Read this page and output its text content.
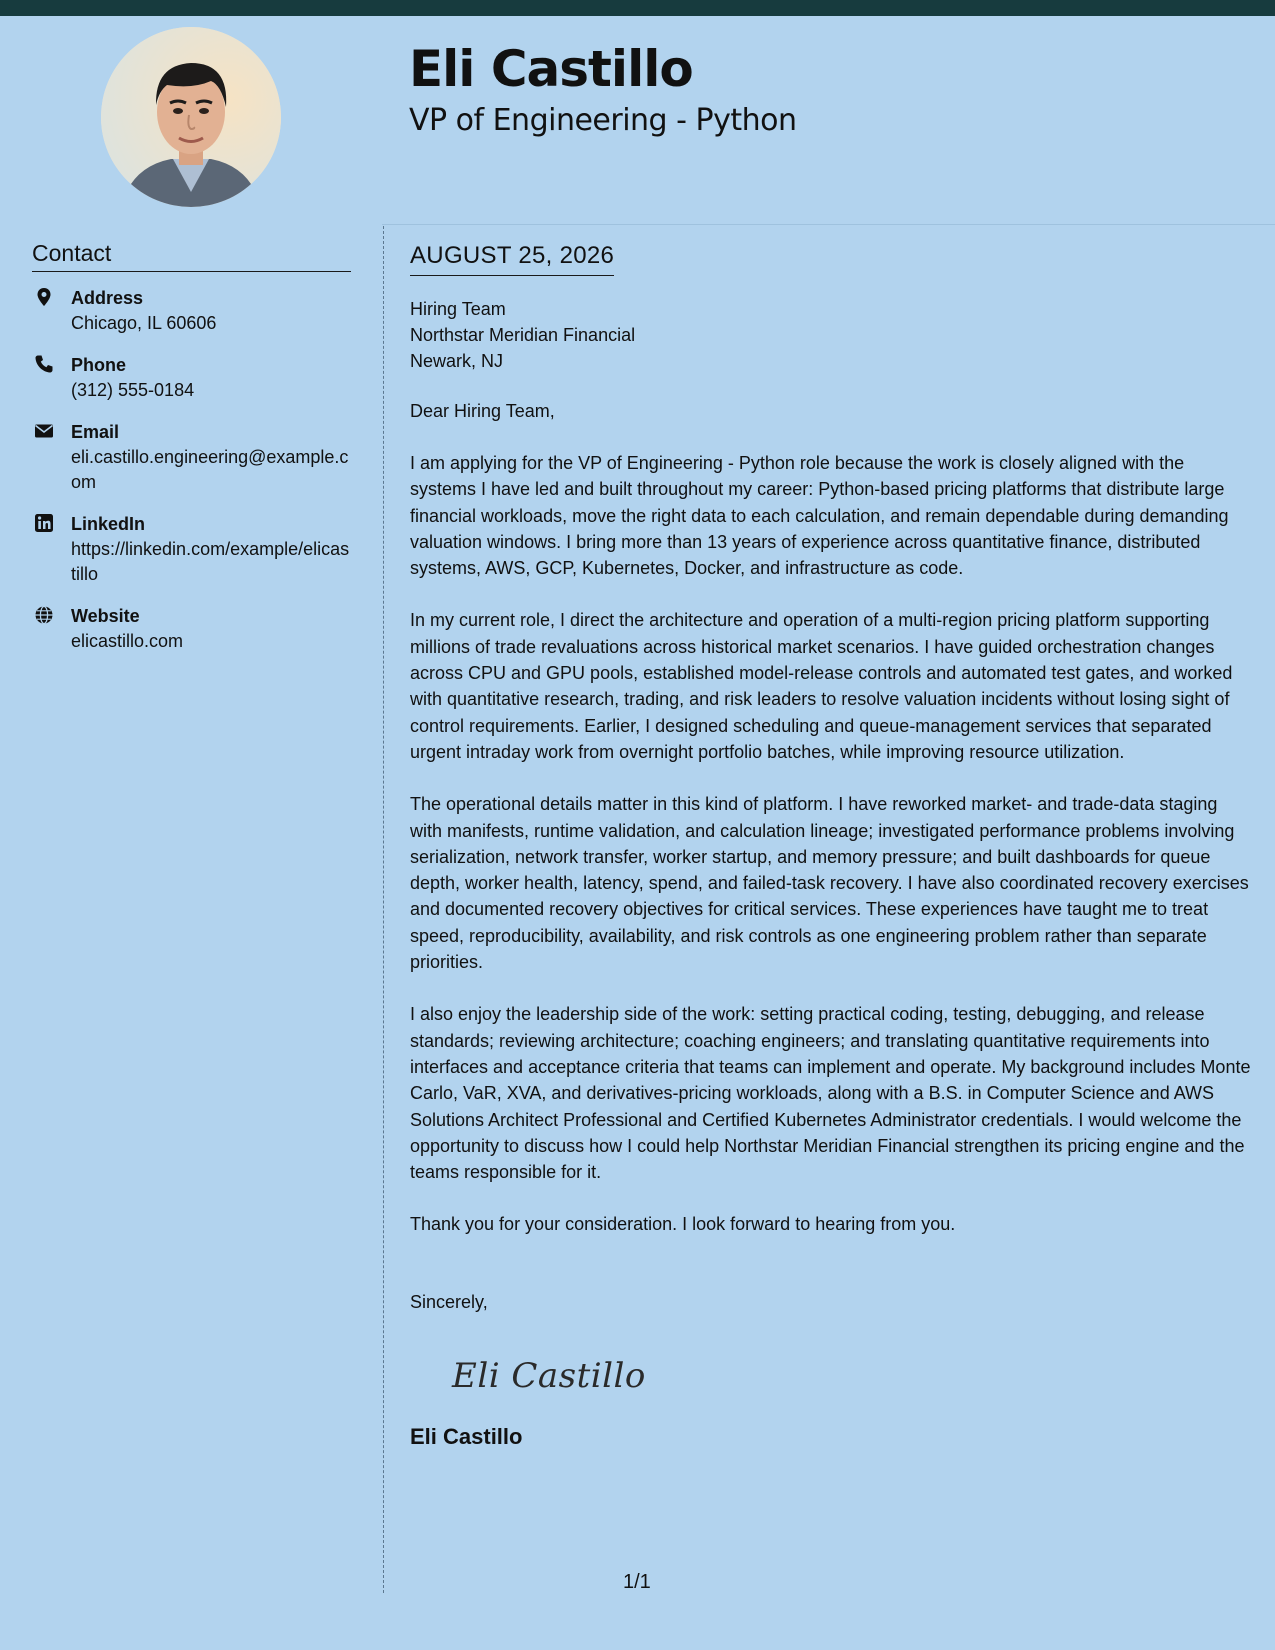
Eli Castillo
VP of Engineering - Python
Contact
Address
Chicago, IL 60606
Phone
(312) 555-0184
Email
eli.castillo.engineering@example.com
LinkedIn
https://linkedin.com/example/elicastillo
Website
elicastillo.com
AUGUST 25, 2026
Hiring Team
Northstar Meridian Financial
Newark, NJ
Dear Hiring Team,

I am applying for the VP of Engineering - Python role because the work is closely aligned with the systems I have led and built throughout my career: Python-based pricing platforms that distribute large financial workloads, move the right data to each calculation, and remain dependable during demanding valuation windows. I bring more than 13 years of experience across quantitative finance, distributed systems, AWS, GCP, Kubernetes, Docker, and infrastructure as code.

In my current role, I direct the architecture and operation of a multi-region pricing platform supporting millions of trade revaluations across historical market scenarios. I have guided orchestration changes across CPU and GPU pools, established model-release controls and automated test gates, and worked with quantitative research, trading, and risk leaders to resolve valuation incidents without losing sight of control requirements. Earlier, I designed scheduling and queue-management services that separated urgent intraday work from overnight portfolio batches, while improving resource utilization.

The operational details matter in this kind of platform. I have reworked market- and trade-data staging with manifests, runtime validation, and calculation lineage; investigated performance problems involving serialization, network transfer, worker startup, and memory pressure; and built dashboards for queue depth, worker health, latency, spend, and failed-task recovery. I have also coordinated recovery exercises and documented recovery objectives for critical services. These experiences have taught me to treat speed, reproducibility, availability, and risk controls as one engineering problem rather than separate priorities.

I also enjoy the leadership side of the work: setting practical coding, testing, debugging, and release standards; reviewing architecture; coaching engineers; and translating quantitative requirements into interfaces and acceptance criteria that teams can implement and operate. My background includes Monte Carlo, VaR, XVA, and derivatives-pricing workloads, along with a B.S. in Computer Science and AWS Solutions Architect Professional and Certified Kubernetes Administrator credentials. I would welcome the opportunity to discuss how I could help Northstar Meridian Financial strengthen its pricing engine and the teams responsible for it.

Thank you for your consideration. I look forward to hearing from you.

Sincerely,
Eli Castillo
Eli Castillo
1/1
